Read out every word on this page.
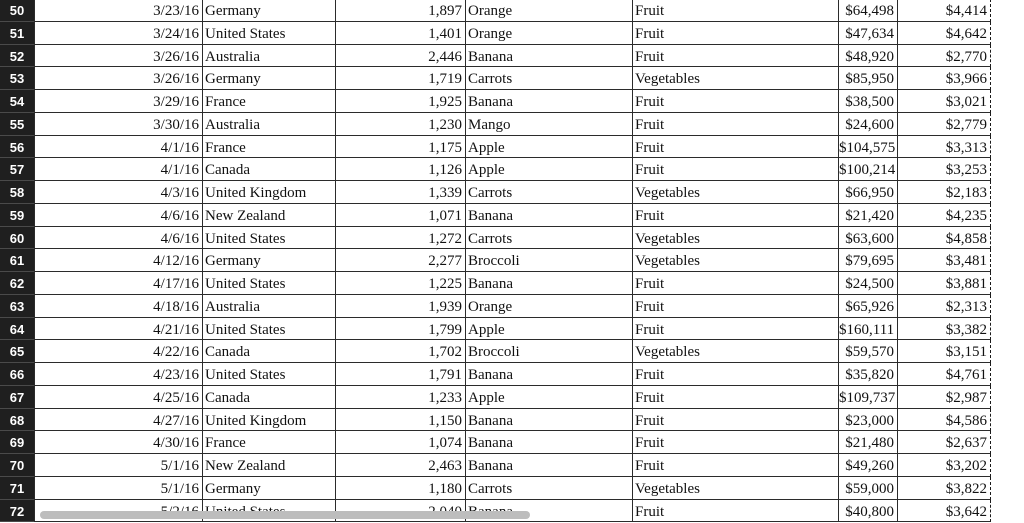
50	3/23/16 Germany	1,897 Orange	Fruit	$64,498	$4,414
51	3/24/16 United States	1,401 Orange	Fruit	$47,634	$4,642
52	3/26/16 Australia	2,446 Banana	Fruit	$48,920	$2,770
53	3/26/16 Germany	1,719 Carrots	Vegetables	$85,950	$3,966
54	3/29/16 France	1,925 Banana	Fruit	$38,500	$3,021
55	3/30/16 Australia	1,230 Mango	Fruit	$24,600	$2,779
56	4/1/16 France	1,175 Apple	Fruit	$104,575	$3,313
57	4/1/16 Canada	1,126 Apple	Fruit	$100,214	$3,253
58	4/3/16 United Kingdom	1,339 Carrots	Vegetables	$66,950	$2,183
59	4/6/16 New Zealand	1,071 Banana	Fruit	$21,420	$4,235
60	4/6/16 United States	1,272 Carrots	Vegetables	$63,600	$4,858
61	4/12/16 Germany	2,277 Broccoli	Vegetables	$79,695	$3,481
62	4/17/16 United States	1,225 Banana	Fruit	$24,500	$3,881
63	4/18/16 Australia	1,939 Orange	Fruit	$65,926	$2,313
64	4/21/16 United States	1,799 Apple	Fruit	$160,111	$3,382
65	4/22/16 Canada	1,702 Broccoli	Vegetables	$59,570	$3,151
66	4/23/16 United States	1,791 Banana	Fruit	$35,820	$4,761
67	4/25/16 Canada	1,233 Apple	Fruit	$109,737	$2,987
68	4/27/16 United Kingdom	1,150 Banana	Fruit	$23,000	$4,586
69	4/30/16 France	1,074 Banana	Fruit	$21,480	$2,637
70	5/1/16 New Zealand	2,463 Banana	Fruit	$49,260	$3,202
71	5/1/16 Germany	1,180 Carrots	Vegetables	$59,000	$3,822
72	Fruit	$40,800	$3,642
